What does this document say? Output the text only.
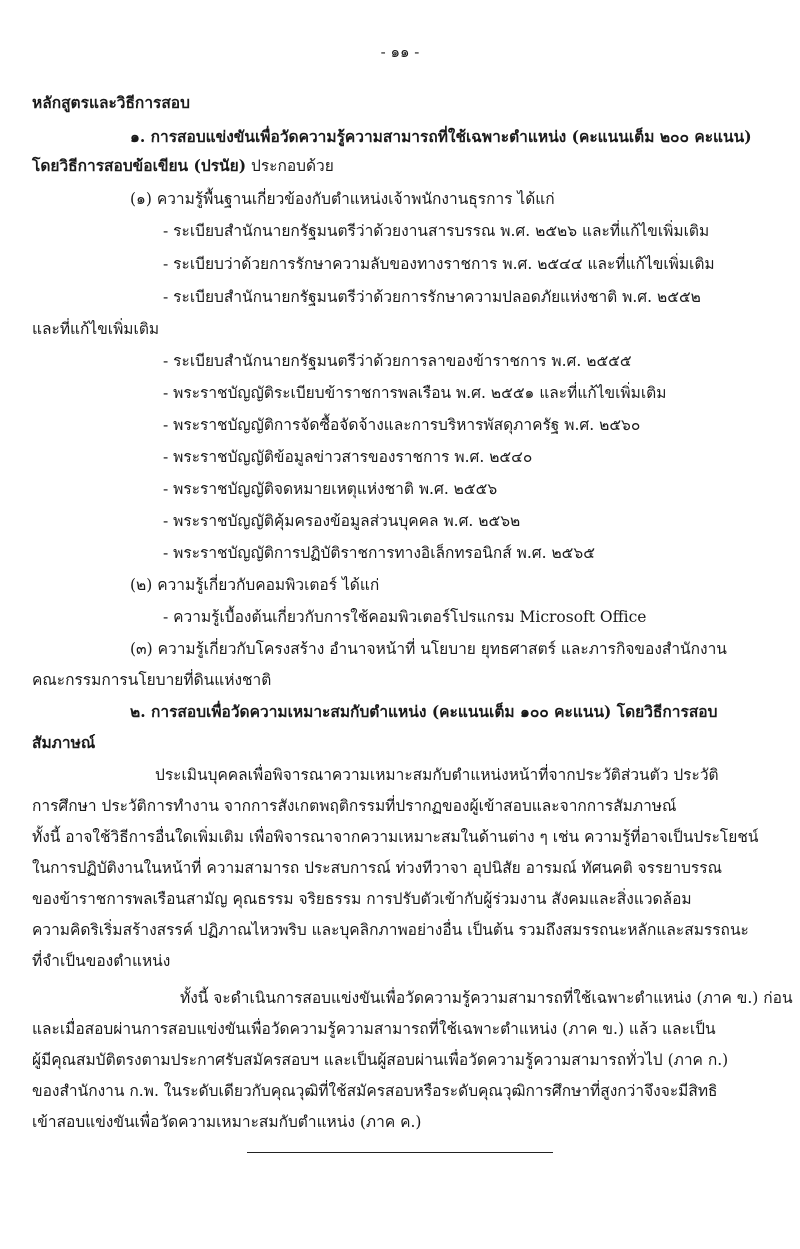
- ๑๑ -
หลักสูตรและวิธีการสอบ
๑. การสอบแข่งขันเพื่อวัดความรู้ความสามารถที่ใช้เฉพาะตำแหน่ง (คะแนนเต็ม ๒๐๐ คะแนน)
โดยวิธีการสอบข้อเขียน (ปรนัย) ประกอบด้วย
(๑) ความรู้พื้นฐานเกี่ยวข้องกับตำแหน่งเจ้าพนักงานธุรการ ได้แก่
- ระเบียบสำนักนายกรัฐมนตรีว่าด้วยงานสารบรรณ พ.ศ. ๒๕๒๖ และที่แก้ไขเพิ่มเติม
- ระเบียบว่าด้วยการรักษาความลับของทางราชการ พ.ศ. ๒๕๔๔ และที่แก้ไขเพิ่มเติม
- ระเบียบสำนักนายกรัฐมนตรีว่าด้วยการรักษาความปลอดภัยแห่งชาติ พ.ศ. ๒๕๕๒
และที่แก้ไขเพิ่มเติม
- ระเบียบสำนักนายกรัฐมนตรีว่าด้วยการลาของข้าราชการ พ.ศ. ๒๕๕๕
- พระราชบัญญัติระเบียบข้าราชการพลเรือน พ.ศ. ๒๕๕๑ และที่แก้ไขเพิ่มเติม
- พระราชบัญญัติการจัดซื้อจัดจ้างและการบริหารพัสดุภาครัฐ พ.ศ. ๒๕๖๐
- พระราชบัญญัติข้อมูลข่าวสารของราชการ พ.ศ. ๒๕๔๐
- พระราชบัญญัติจดหมายเหตุแห่งชาติ พ.ศ. ๒๕๕๖
- พระราชบัญญัติคุ้มครองข้อมูลส่วนบุคคล พ.ศ. ๒๕๖๒
- พระราชบัญญัติการปฏิบัติราชการทางอิเล็กทรอนิกส์ พ.ศ. ๒๕๖๕
(๒) ความรู้เกี่ยวกับคอมพิวเตอร์ ได้แก่
- ความรู้เบื้องต้นเกี่ยวกับการใช้คอมพิวเตอร์โปรแกรม Microsoft Office
(๓) ความรู้เกี่ยวกับโครงสร้าง อำนาจหน้าที่ นโยบาย ยุทธศาสตร์ และภารกิจของสำนักงาน
คณะกรรมการนโยบายที่ดินแห่งชาติ
๒. การสอบเพื่อวัดความเหมาะสมกับตำแหน่ง (คะแนนเต็ม ๑๐๐ คะแนน) โดยวิธีการสอบ
สัมภาษณ์
ประเมินบุคคลเพื่อพิจารณาความเหมาะสมกับตำแหน่งหน้าที่จากประวัติส่วนตัว ประวัติ
การศึกษา ประวัติการทำงาน จากการสังเกตพฤติกรรมที่ปรากฏของผู้เข้าสอบและจากการสัมภาษณ์
ทั้งนี้ อาจใช้วิธีการอื่นใดเพิ่มเติม เพื่อพิจารณาจากความเหมาะสมในด้านต่าง ๆ เช่น ความรู้ที่อาจเป็นประโยชน์
ในการปฏิบัติงานในหน้าที่ ความสามารถ ประสบการณ์ ท่วงทีวาจา อุปนิสัย อารมณ์ ทัศนคติ จรรยาบรรณ
ของข้าราชการพลเรือนสามัญ คุณธรรม จริยธรรม การปรับตัวเข้ากับผู้ร่วมงาน สังคมและสิ่งแวดล้อม
ความคิดริเริ่มสร้างสรรค์ ปฏิภาณไหวพริบ และบุคลิกภาพอย่างอื่น เป็นต้น รวมถึงสมรรถนะหลักและสมรรถนะ
ที่จำเป็นของตำแหน่ง
ทั้งนี้ จะดำเนินการสอบแข่งขันเพื่อวัดความรู้ความสามารถที่ใช้เฉพาะตำแหน่ง (ภาค ข.) ก่อน
และเมื่อสอบผ่านการสอบแข่งขันเพื่อวัดความรู้ความสามารถที่ใช้เฉพาะตำแหน่ง (ภาค ข.) แล้ว และเป็น
ผู้มีคุณสมบัติตรงตามประกาศรับสมัครสอบฯ และเป็นผู้สอบผ่านเพื่อวัดความรู้ความสามารถทั่วไป (ภาค ก.)
ของสำนักงาน ก.พ. ในระดับเดียวกับคุณวุฒิที่ใช้สมัครสอบหรือระดับคุณวุฒิการศึกษาที่สูงกว่าจึงจะมีสิทธิ
เข้าสอบแข่งขันเพื่อวัดความเหมาะสมกับตำแหน่ง (ภาค ค.)
